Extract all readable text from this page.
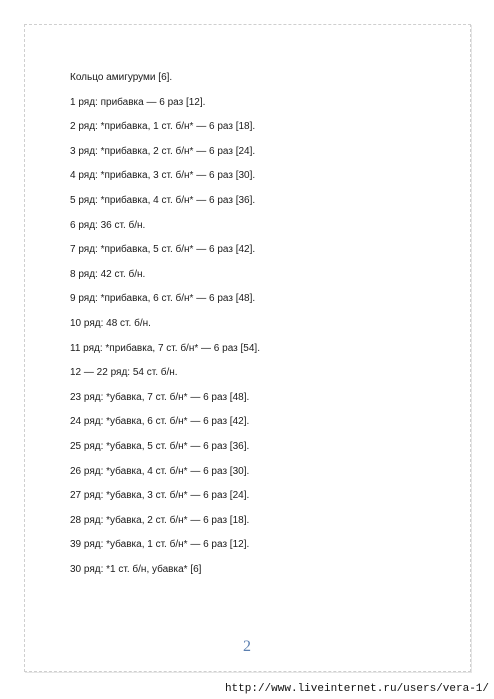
Кольцо амигуруми [6].
1 ряд: прибавка — 6 раз [12].
2 ряд: *прибавка, 1 ст. б/н* — 6 раз [18].
3 ряд: *прибавка, 2 ст. б/н* — 6 раз [24].
4 ряд: *прибавка, 3 ст. б/н* — 6 раз [30].
5 ряд: *прибавка, 4 ст. б/н* — 6 раз [36].
6 ряд: 36 ст. б/н.
7 ряд: *прибавка, 5 ст. б/н* — 6 раз [42].
8 ряд: 42 ст. б/н.
9 ряд: *прибавка, 6 ст. б/н* — 6 раз [48].
10 ряд: 48 ст. б/н.
11 ряд: *прибавка, 7 ст. б/н* — 6 раз [54].
12 — 22 ряд: 54 ст. б/н.
23 ряд: *убавка, 7 ст. б/н* — 6 раз [48].
24 ряд: *убавка, 6 ст. б/н* — 6 раз [42].
25 ряд: *убавка, 5 ст. б/н* — 6 раз [36].
26 ряд: *убавка, 4 ст. б/н* — 6 раз [30].
27 ряд: *убавка, 3 ст. б/н* — 6 раз [24].
28 ряд: *убавка, 2 ст. б/н* — 6 раз [18].
39 ряд: *убавка, 1 ст. б/н* — 6 раз [12].
30 ряд: *1 ст. б/н, убавка* [6]
2
http://www.liveinternet.ru/users/vera-1/
